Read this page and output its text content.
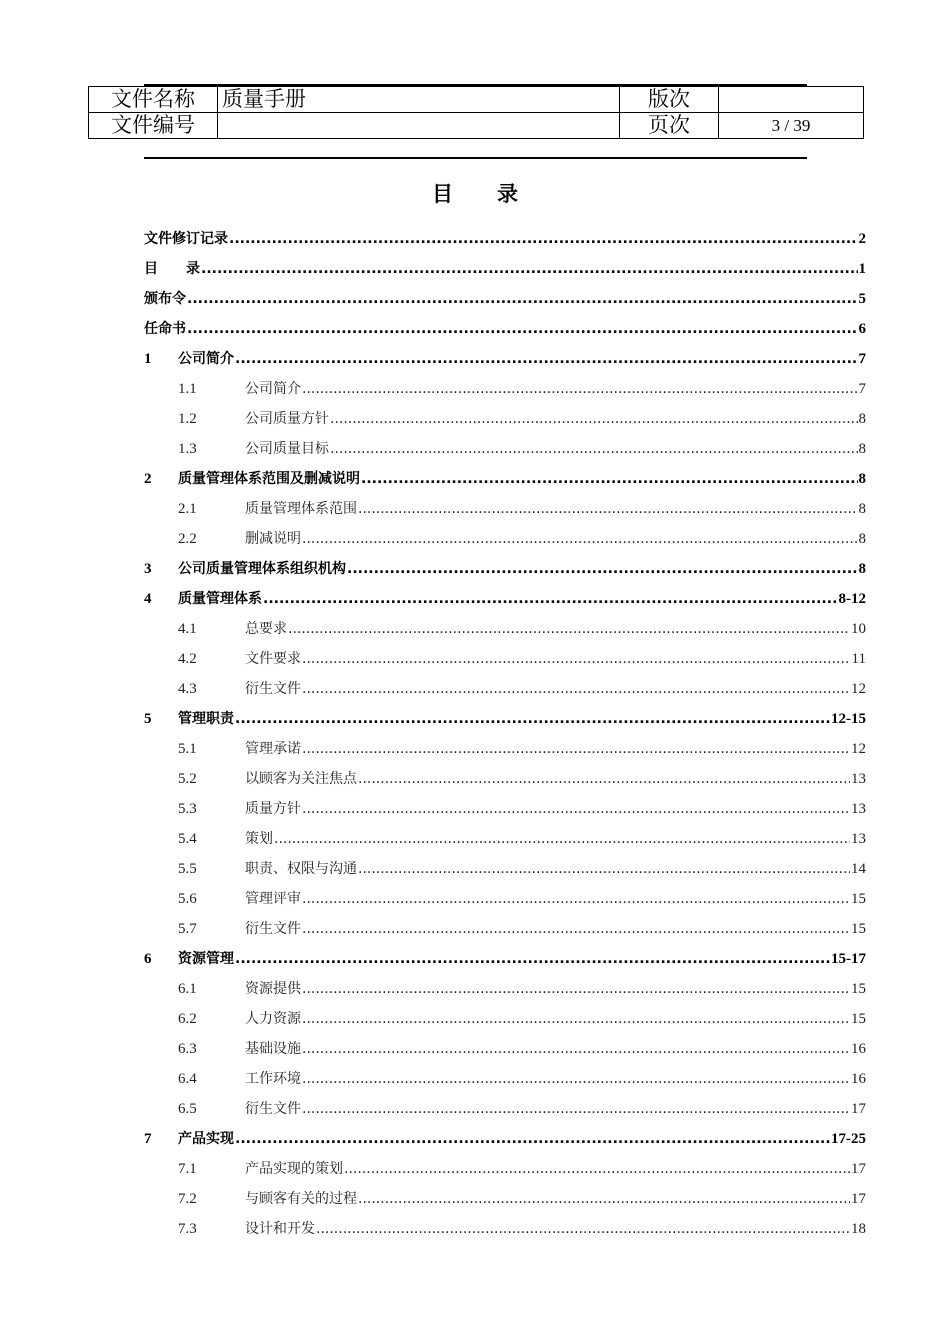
文件名称	质量手册	版次	
文件编号		页次	3 / 39
目 录
文件修订记录 .....	2
目　　录 .....	1
颁布令 .....	5
任命书 .....	6
1	公司简介 .....	7
1.1	公司简介 .....	7
1.2	公司质量方针 .....	8
1.3	公司质量目标 .....	8
2	质量管理体系范围及删减说明 .....	8
2.1	质量管理体系范围 .....	8
2.2	删减说明 .....	8
3	公司质量管理体系组织机构 .....	8
4	质量管理体系 .....	8-12
4.1	总要求 .....	10
4.2	文件要求 .....	11
4.3	衍生文件 .....	12
5	管理职责 .....	12-15
5.1	管理承诺 .....	12
5.2	以顾客为关注焦点 .....	13
5.3	质量方针 .....	13
5.4	策划 .....	13
5.5	职责、权限与沟通 .....	14
5.6	管理评审 .....	15
5.7	衍生文件 .....	15
6	资源管理 .....	15-17
6.1	资源提供 .....	15
6.2	人力资源 .....	15
6.3	基础设施 .....	16
6.4	工作环境 .....	16
6.5	衍生文件 .....	17
7	产品实现 .....	17-25
7.1	产品实现的策划 .....	17
7.2	与顾客有关的过程 .....	17
7.3	设计和开发 .....	18
